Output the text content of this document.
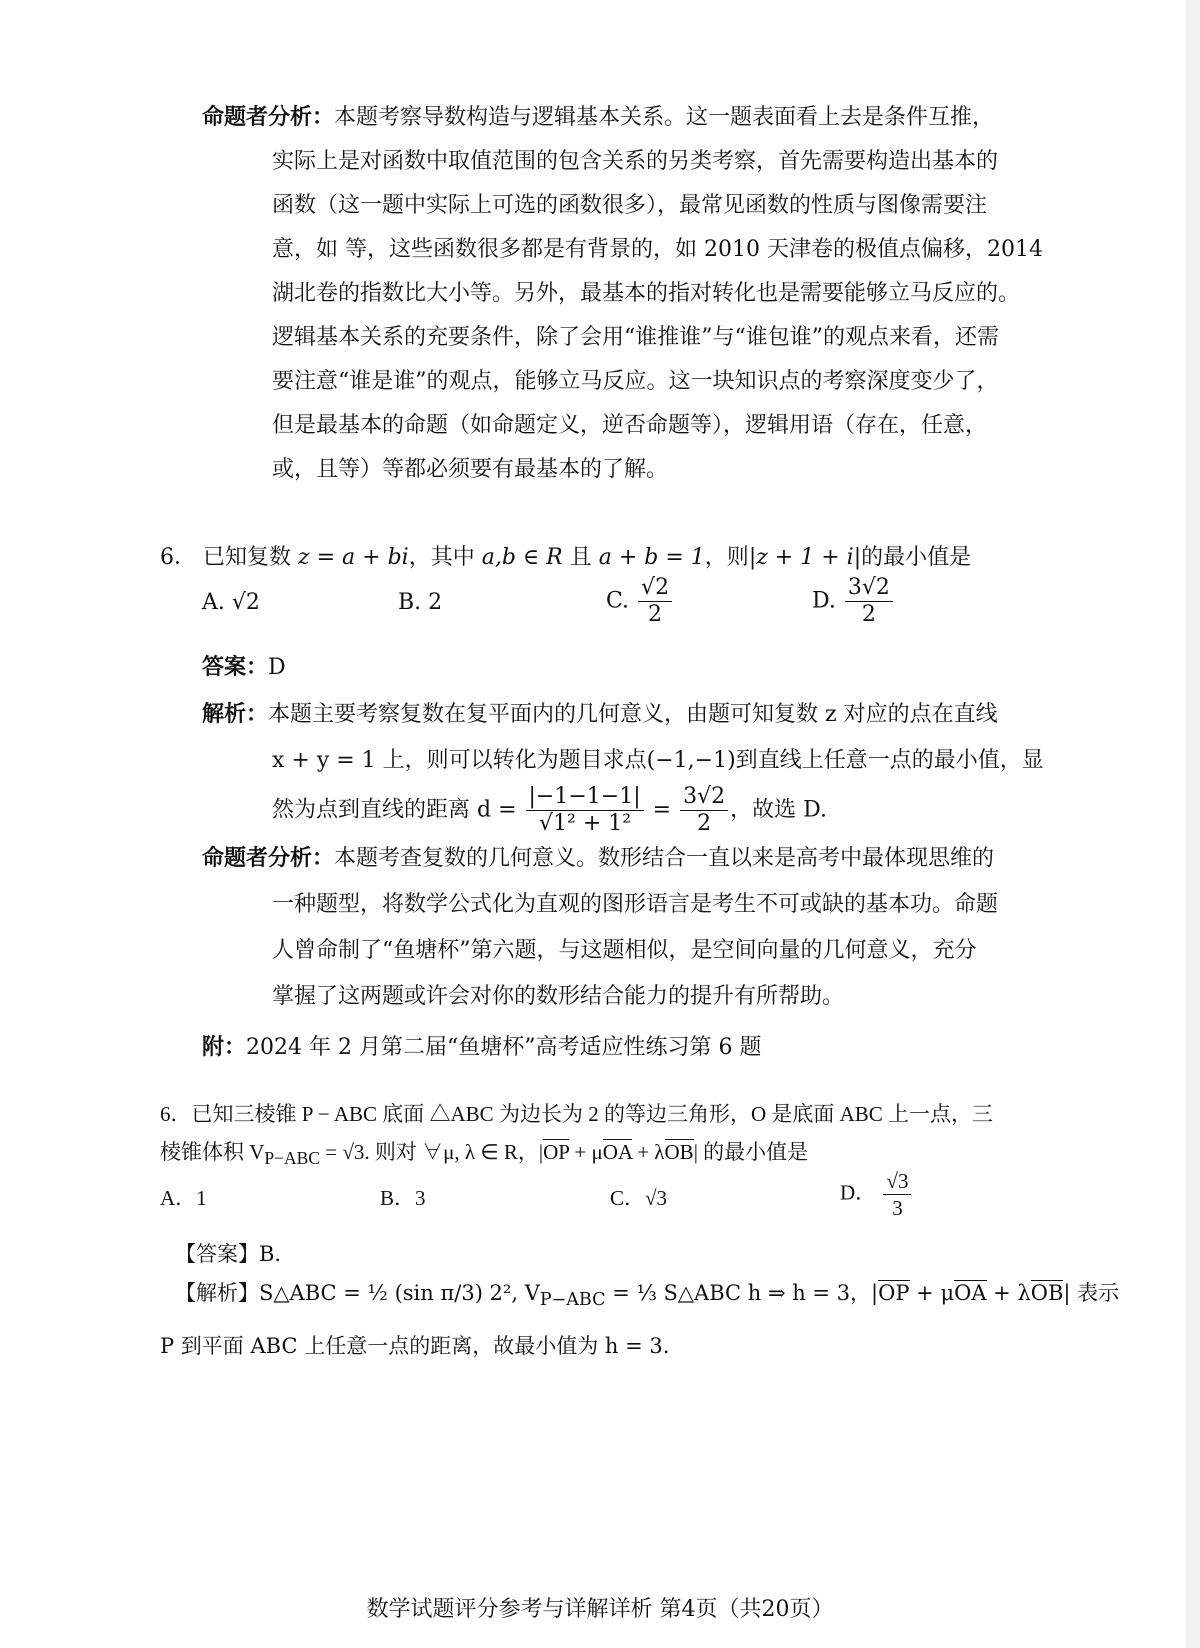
命题者分析：本题考察导数构造与逻辑基本关系。这一题表面看上去是条件互推，
实际上是对函数中取值范围的包含关系的另类考察，首先需要构造出基本的
函数（这一题中实际上可选的函数很多），最常见函数的性质与图像需要注
意，如 等，这些函数很多都是有背景的，如 2010 天津卷的极值点偏移，2014
湖北卷的指数比大小等。另外，最基本的指对转化也是需要能够立马反应的。
逻辑基本关系的充要条件，除了会用“谁推谁”与“谁包谁”的观点来看，还需
要注意“谁是谁”的观点，能够立马反应。这一块知识点的考察深度变少了，
但是最基本的命题（如命题定义，逆否命题等），逻辑用语（存在，任意，
或，且等）等都必须要有最基本的了解。
6． 已知复数 z = a + bi，其中 a,b ∈ R 且 a + b = 1，则|z + 1 + i|的最小值是
A. √2	B. 2	C. $\frac{√2}{2}$	D. $\frac{3√2}{2}$
答案：D
解析：本题主要考察复数在复平面内的几何意义，由题可知复数 z 对应的点在直线
x + y = 1 上，则可以转化为题目求点(−1,−1)到直线上任意一点的最小值，显
然为点到直线的距离 $d = \frac{|-1-1-1|}{\text{√1² + 1²}} = \frac{3√2}{2}$ ，故选 D.
命题者分析：本题考查复数的几何意义。数形结合一直以来是高考中最体现思维的
一种题型，将数学公式化为直观的图形语言是考生不可或缺的基本功。命题
人曾命制了“鱼塘杯”第六题，与这题相似，是空间向量的几何意义，充分
掌握了这两题或许会对你的数形结合能力的提升有所帮助。
附：2024 年 2 月第二届“鱼塘杯”高考适应性练习第 6 题
6．已知三棱锥 P − ABC 底面 △ABC 为边长为 2 的等边三角形，O 是底面 ABC 上一点，三
棱锥体积 $V_{P-ABC} = √3$. 则对 ∀μ, λ ∈ R，|OP + μOA + λOB| 的最小值是
A．1	B．3	C．√3	D． $\frac{√3}{3}$
【答案】B.
【解析】S△ABC = ½ (sin π/3) 2², $V_{P-ABC}$ = ⅓ S△ABC h ⇒ h = 3，|OP + μOA + λOB| 表示
P 到平面 ABC 上任意一点的距离，故最小值为 h = 3.
数学试题评分参考与详解详析 第4页（共20页）
